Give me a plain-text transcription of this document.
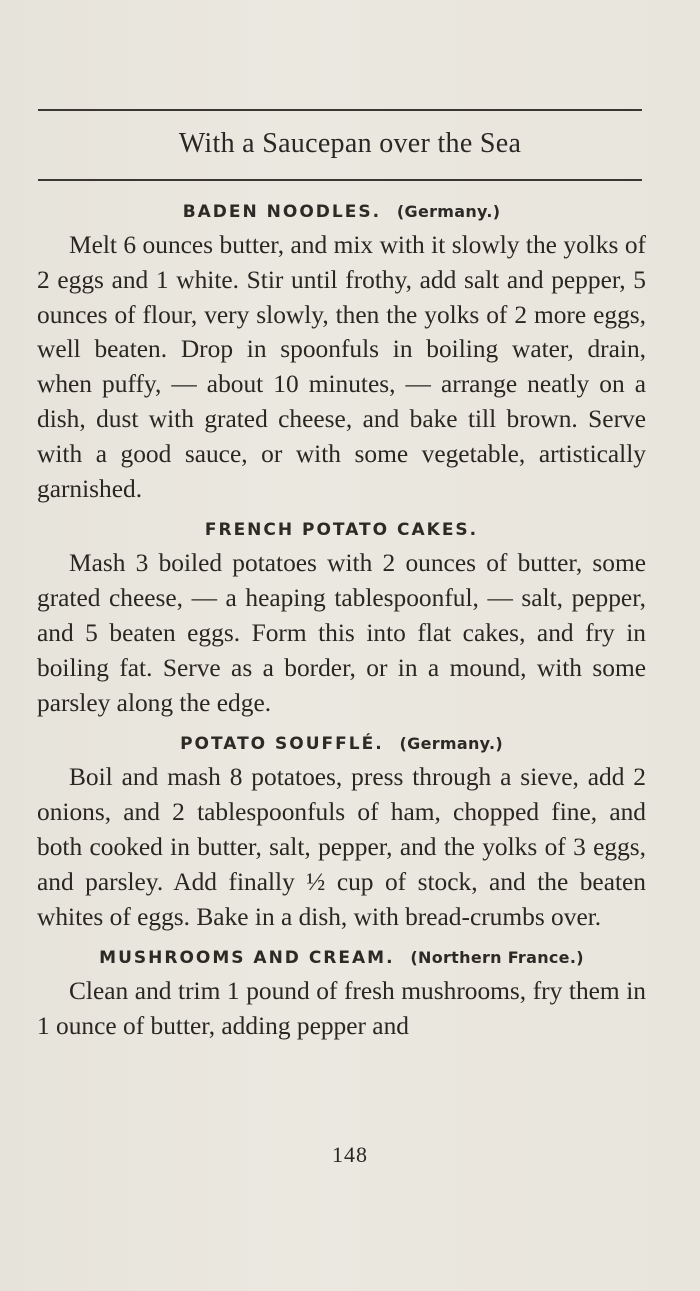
With a Saucepan over the Sea
BADEN NOODLES. (Germany.)

Melt 6 ounces butter, and mix with it slowly the yolks of 2 eggs and 1 white. Stir until frothy, add salt and pepper, 5 ounces of flour, very slowly, then the yolks of 2 more eggs, well beaten. Drop in spoonfuls in boiling water, drain, when puffy, — about 10 minutes, — arrange neatly on a dish, dust with grated cheese, and bake till brown. Serve with a good sauce, or with some vegetable, artistically garnished.

FRENCH POTATO CAKES.

Mash 3 boiled potatoes with 2 ounces of butter, some grated cheese, — a heaping tablespoonful, — salt, pepper, and 5 beaten eggs. Form this into flat cakes, and fry in boiling fat. Serve as a border, or in a mound, with some parsley along the edge.

POTATO SOUFFLÉ. (Germany.)

Boil and mash 8 potatoes, press through a sieve, add 2 onions, and 2 tablespoonfuls of ham, chopped fine, and both cooked in butter, salt, pepper, and the yolks of 3 eggs, and parsley. Add finally ½ cup of stock, and the beaten whites of eggs. Bake in a dish, with bread-crumbs over.

MUSHROOMS AND CREAM. (Northern France.)

Clean and trim 1 pound of fresh mushrooms, fry them in 1 ounce of butter, adding pepper and

148
